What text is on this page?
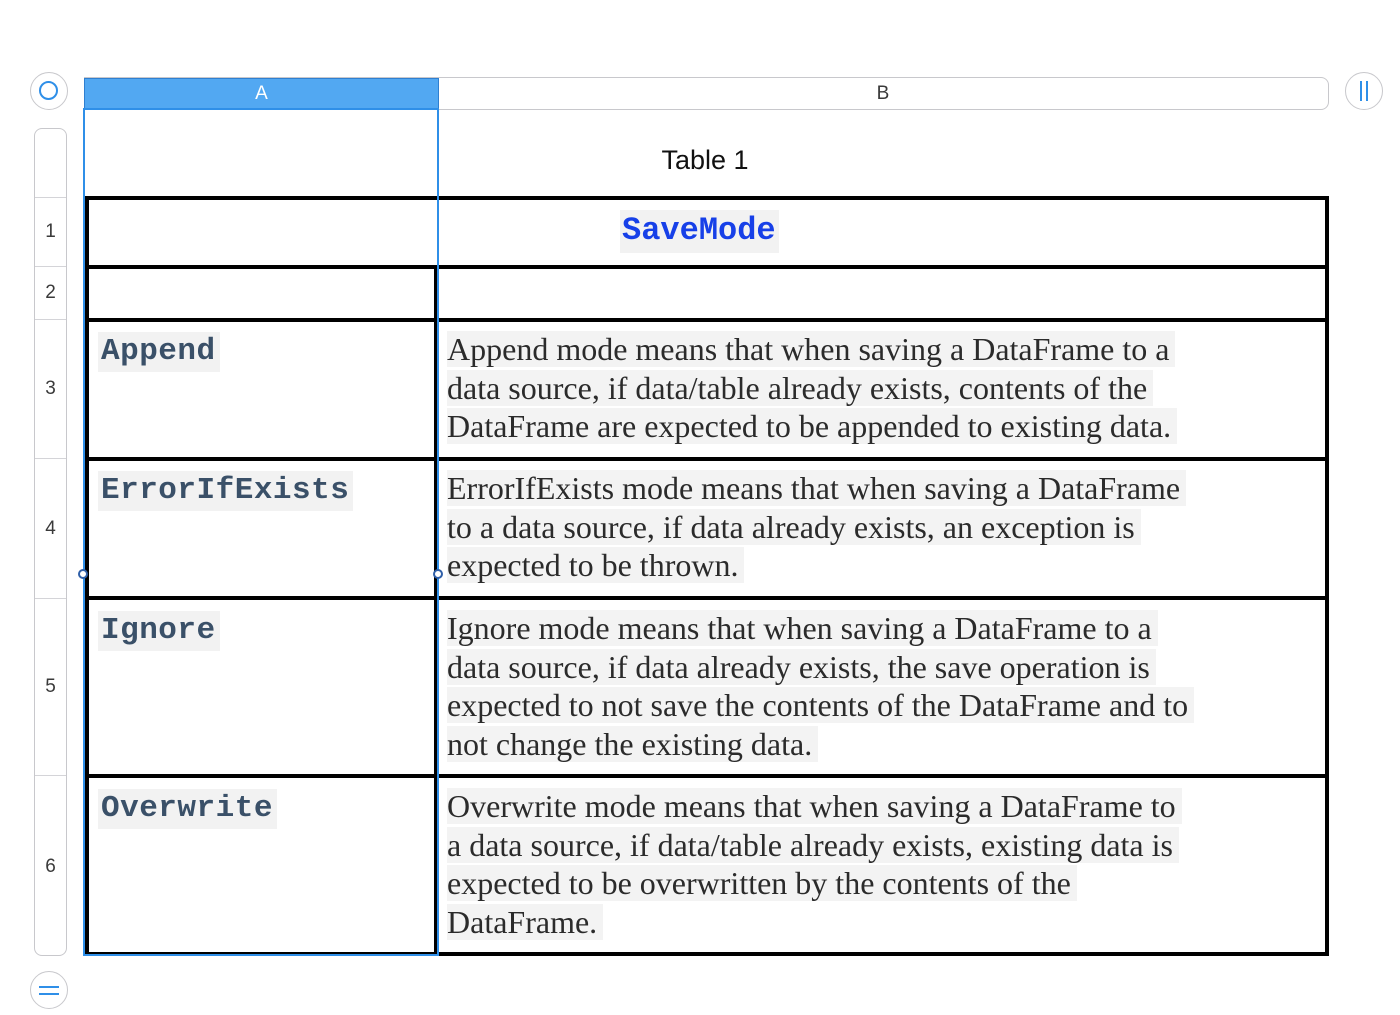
A	B
1
2
3
4
5
6
Table 1
SaveMode
Append	Append mode means that when saving a DataFrame to a
data source, if data/table already exists, contents of the
DataFrame are expected to be appended to existing data.
ErrorIfExists	ErrorIfExists mode means that when saving a DataFrame
to a data source, if data already exists, an exception is
expected to be thrown.
Ignore	Ignore mode means that when saving a DataFrame to a
data source, if data already exists, the save operation is
expected to not save the contents of the DataFrame and to
not change the existing data.
Overwrite	Overwrite mode means that when saving a DataFrame to
a data source, if data/table already exists, existing data is
expected to be overwritten by the contents of the
DataFrame.
